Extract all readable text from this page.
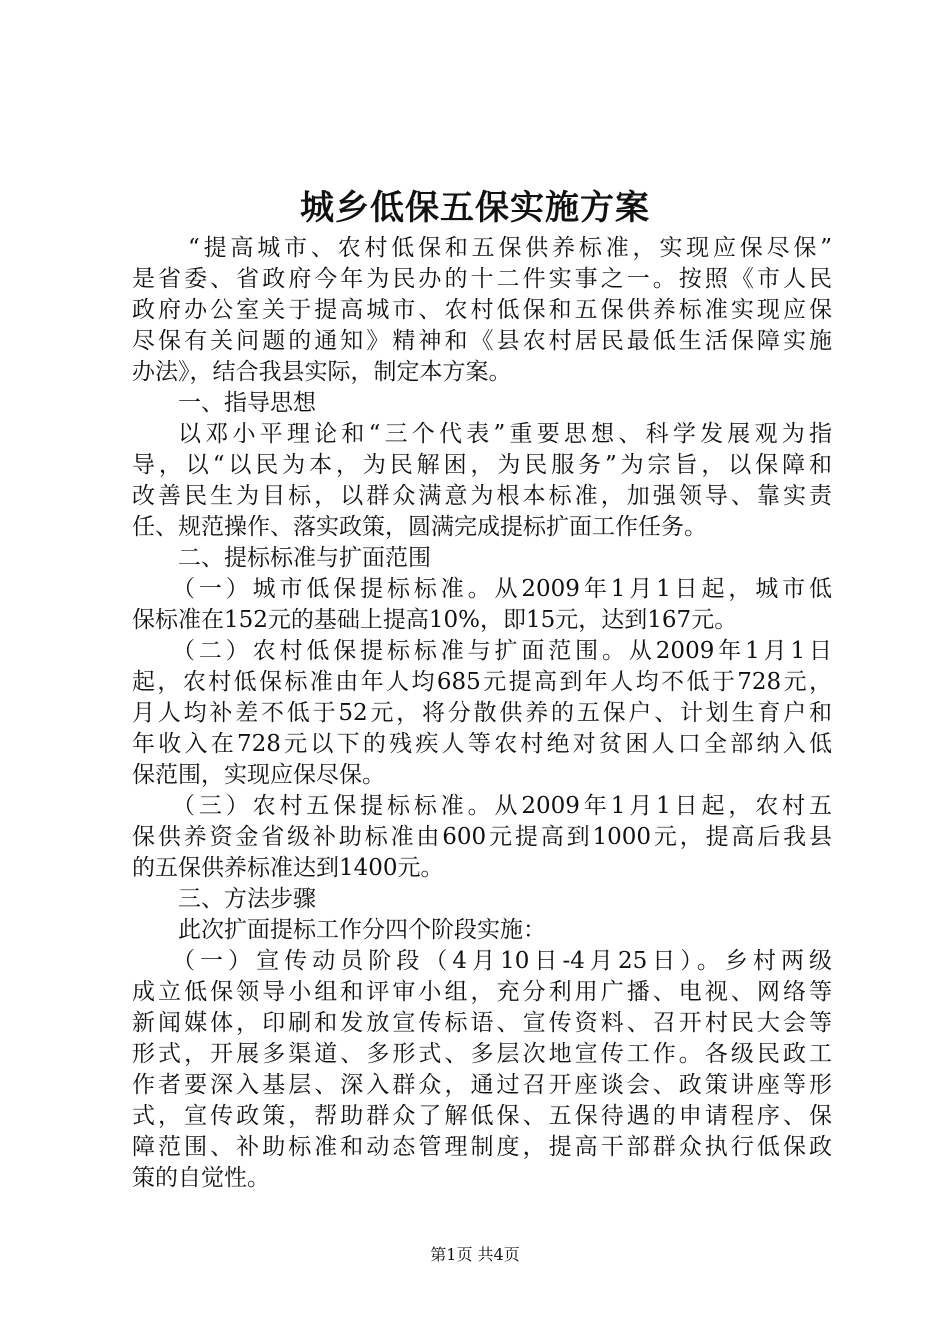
城乡低保五保实施方案
“提高城市、农村低保和五保供养标准，实现应保尽保”
是省委、省政府今年为民办的十二件实事之一。按照《市人民
政府办公室关于提高城市、农村低保和五保供养标准实现应保
尽保有关问题的通知》精神和《县农村居民最低生活保障实施
办法》，结合我县实际，制定本方案。
一、指导思想
以邓小平理论和“三个代表”重要思想、科学发展观为指
导，以“以民为本，为民解困，为民服务”为宗旨，以保障和
改善民生为目标，以群众满意为根本标准，加强领导、靠实责
任、规范操作、落实政策，圆满完成提标扩面工作任务。
二、提标标准与扩面范围
（一）城市低保提标标准。从2009年1月1日起，城市低
保标准在152元的基础上提高10%，即15元，达到167元。
（二）农村低保提标标准与扩面范围。从2009年1月1日
起，农村低保标准由年人均685元提高到年人均不低于728元，
月人均补差不低于52元，将分散供养的五保户、计划生育户和
年收入在728元以下的残疾人等农村绝对贫困人口全部纳入低
保范围，实现应保尽保。
（三）农村五保提标标准。从2009年1月1日起，农村五
保供养资金省级补助标准由600元提高到1000元，提高后我县
的五保供养标准达到1400元。
三、方法步骤
此次扩面提标工作分四个阶段实施：
（一）宣传动员阶段（4月10日-4月25日）。乡村两级
成立低保领导小组和评审小组，充分利用广播、电视、网络等
新闻媒体，印刷和发放宣传标语、宣传资料、召开村民大会等
形式，开展多渠道、多形式、多层次地宣传工作。各级民政工
作者要深入基层、深入群众，通过召开座谈会、政策讲座等形
式，宣传政策，帮助群众了解低保、五保待遇的申请程序、保
障范围、补助标准和动态管理制度，提高干部群众执行低保政
策的自觉性。
第1页 共4页
